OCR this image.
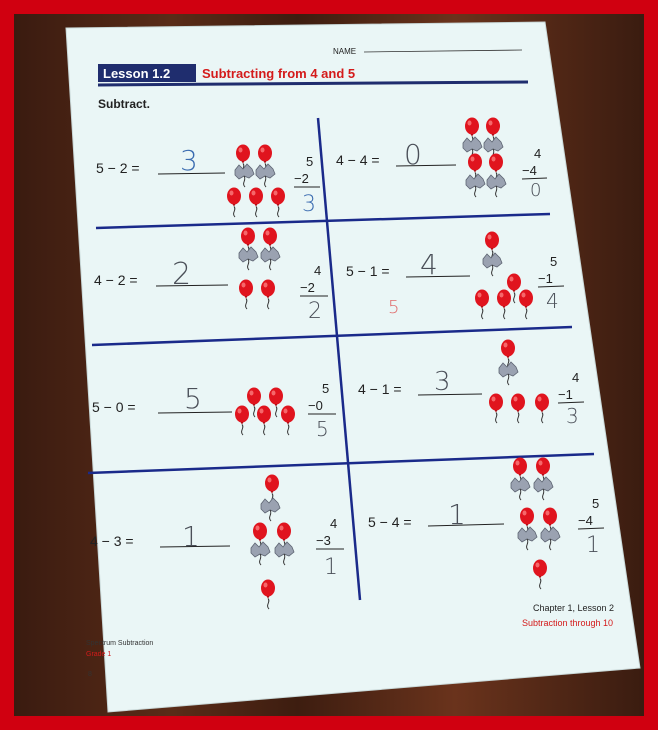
NAME
Lesson 1.2 Subtracting from 4 and 5
Subtract.
5 − 2 = 3	5
−2
3
4 − 4 = 0	4
−4
0
4 − 2 = 2	4
−2
2
5 − 1 = 4
5
5
−1
4
5 − 0 = 5	5
−0
5
4 − 1 = 3	4
−1
3
4 − 3 = 1	4
−3
1
5 − 4 = 1	5
−4
1
Chapter 1, Lesson 2
Subtraction through 10
Spectrum Subtraction
Grade 1
8
